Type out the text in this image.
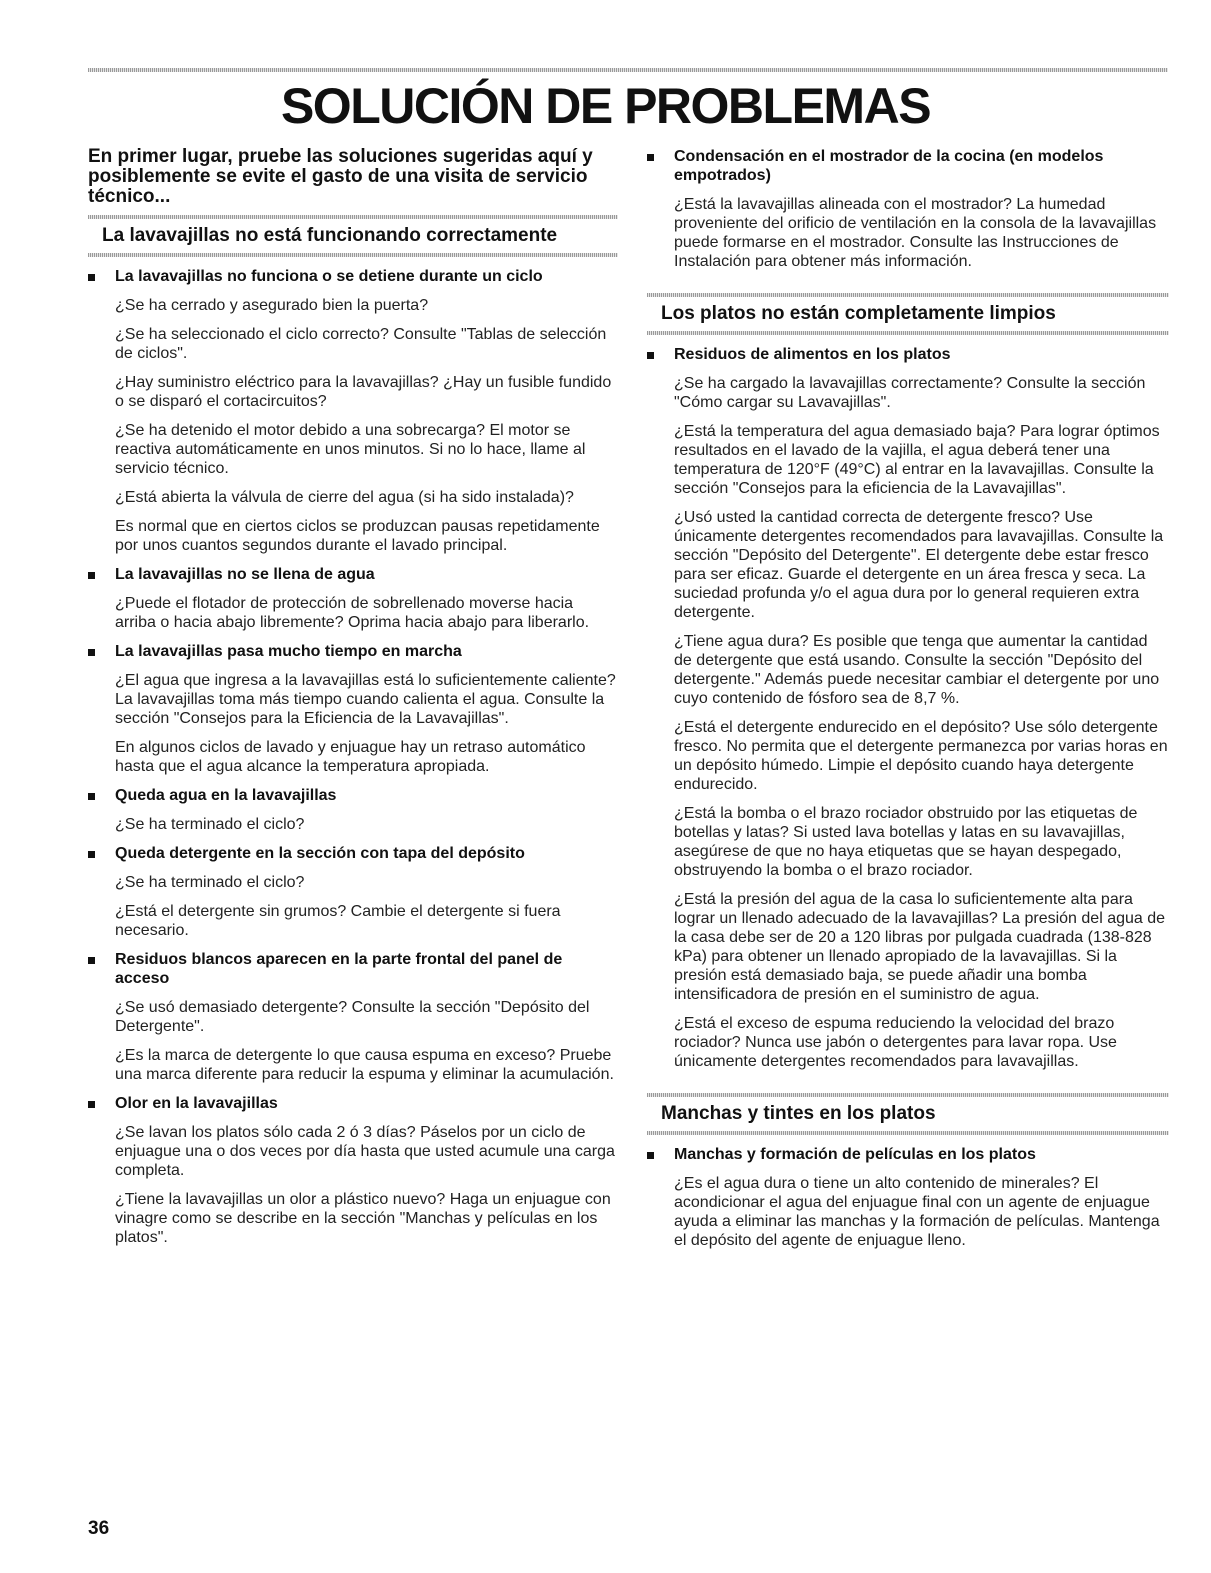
SOLUCIÓN DE PROBLEMAS

En primer lugar, pruebe las soluciones sugeridas aquí y posiblemente se evite el gasto de una visita de servicio técnico...

La lavavajillas no está funcionando correctamente
La lavavajillas no funciona o se detiene durante un ciclo

¿Se ha cerrado y asegurado bien la puerta?

¿Se ha seleccionado el ciclo correcto? Consulte "Tablas de selección de ciclos".

¿Hay suministro eléctrico para la lavavajillas? ¿Hay un fusible fundido o se disparó el cortacircuitos?

¿Se ha detenido el motor debido a una sobrecarga? El motor se reactiva automáticamente en unos minutos. Si no lo hace, llame al servicio técnico.

¿Está abierta la válvula de cierre del agua (si ha sido instalada)?

Es normal que en ciertos ciclos se produzcan pausas repetidamente por unos cuantos segundos durante el lavado principal.

La lavavajillas no se llena de agua

¿Puede el flotador de protección de sobrellenado moverse hacia arriba o hacia abajo libremente? Oprima hacia abajo para liberarlo.

La lavavajillas pasa mucho tiempo en marcha

¿El agua que ingresa a la lavavajillas está lo suficientemente caliente? La lavavajillas toma más tiempo cuando calienta el agua. Consulte la sección "Consejos para la Eficiencia de la Lavavajillas".

En algunos ciclos de lavado y enjuague hay un retraso automático hasta que el agua alcance la temperatura apropiada.

Queda agua en la lavavajillas

¿Se ha terminado el ciclo?

Queda detergente en la sección con tapa del depósito

¿Se ha terminado el ciclo?

¿Está el detergente sin grumos? Cambie el detergente si fuera necesario.

Residuos blancos aparecen en la parte frontal del panel de acceso

¿Se usó demasiado detergente? Consulte la sección "Depósito del Detergente".

¿Es la marca de detergente lo que causa espuma en exceso? Pruebe una marca diferente para reducir la espuma y eliminar la acumulación.

Olor en la lavavajillas

¿Se lavan los platos sólo cada 2 ó 3 días? Páselos por un ciclo de enjuague una o dos veces por día hasta que usted acumule una carga completa.

¿Tiene la lavavajillas un olor a plástico nuevo? Haga un enjuague con vinagre como se describe en la sección "Manchas y películas en los platos".

Condensación en el mostrador de la cocina (en modelos empotrados)

¿Está la lavavajillas alineada con el mostrador? La humedad proveniente del orificio de ventilación en la consola de la lavavajillas puede formarse en el mostrador. Consulte las Instrucciones de Instalación para obtener más información.

Los platos no están completamente limpios
Residuos de alimentos en los platos

¿Se ha cargado la lavavajillas correctamente? Consulte la sección "Cómo cargar su Lavavajillas".

¿Está la temperatura del agua demasiado baja? Para lograr óptimos resultados en el lavado de la vajilla, el agua deberá tener una temperatura de 120°F (49°C) al entrar en la lavavajillas. Consulte la sección "Consejos para la eficiencia de la Lavavajillas".

¿Usó usted la cantidad correcta de detergente fresco? Use únicamente detergentes recomendados para lavavajillas. Consulte la sección "Depósito del Detergente". El detergente debe estar fresco para ser eficaz. Guarde el detergente en un área fresca y seca. La suciedad profunda y/o el agua dura por lo general requieren extra detergente.

¿Tiene agua dura? Es posible que tenga que aumentar la cantidad de detergente que está usando. Consulte la sección "Depósito del detergente." Además puede necesitar cambiar el detergente por uno cuyo contenido de fósforo sea de 8,7 %.

¿Está el detergente endurecido en el depósito? Use sólo detergente fresco. No permita que el detergente permanezca por varias horas en un depósito húmedo. Limpie el depósito cuando haya detergente endurecido.

¿Está la bomba o el brazo rociador obstruido por las etiquetas de botellas y latas? Si usted lava botellas y latas en su lavavajillas, asegúrese de que no haya etiquetas que se hayan despegado, obstruyendo la bomba o el brazo rociador.

¿Está la presión del agua de la casa lo suficientemente alta para lograr un llenado adecuado de la lavavajillas? La presión del agua de la casa debe ser de 20 a 120 libras por pulgada cuadrada (138-828 kPa) para obtener un llenado apropiado de la lavavajillas. Si la presión está demasiado baja, se puede añadir una bomba intensificadora de presión en el suministro de agua.

¿Está el exceso de espuma reduciendo la velocidad del brazo rociador? Nunca use jabón o detergentes para lavar ropa. Use únicamente detergentes recomendados para lavavajillas.

Manchas y tintes en los platos
Manchas y formación de películas en los platos

¿Es el agua dura o tiene un alto contenido de minerales? El acondicionar el agua del enjuague final con un agente de enjuague ayuda a eliminar las manchas y la formación de películas. Mantenga el depósito del agente de enjuague lleno.

36
